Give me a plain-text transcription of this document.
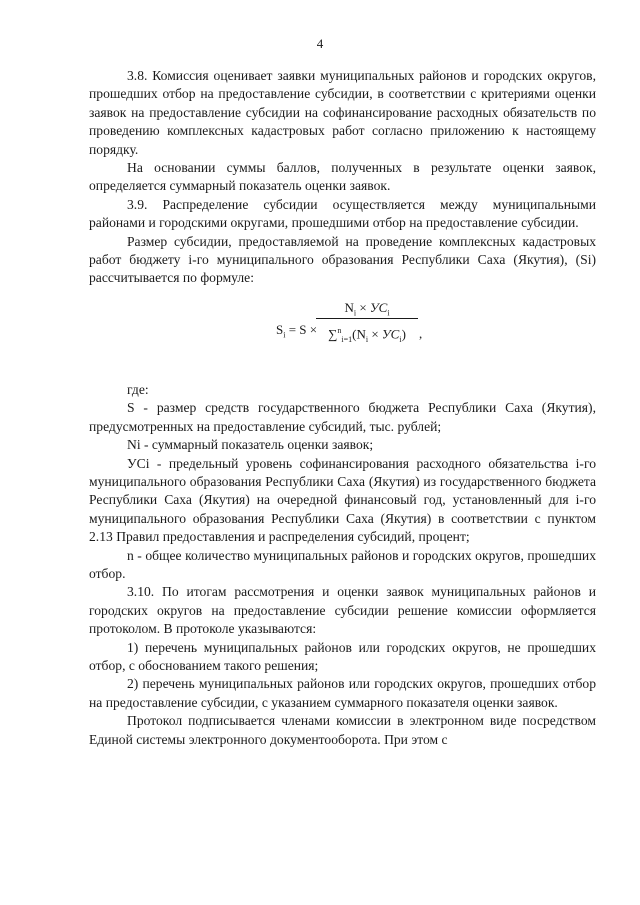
4

3.8. Комиссия оценивает заявки муниципальных районов и городских округов, прошедших отбор на предоставление субсидии, в соответствии с критериями оценки заявок на предоставление субсидии на софинансирование расходных обязательств по проведению комплексных кадастровых работ согласно приложению к настоящему порядку.

На основании суммы баллов, полученных в результате оценки заявок, определяется суммарный показатель оценки заявок.

3.9. Распределение субсидии осуществляется между муниципальными районами и городскими округами, прошедшими отбор на предоставление субсидии.

Размер субсидии, предоставляемой на проведение комплексных кадастровых работ бюджету i-го муниципального образования Республики Саха (Якутия), (Si) рассчитывается по формуле:

$S_i = S$ ×
$N_i \times УС_i$
$\sum^n_{i=1}(N_i \times УС_i)$	,

где:

S - размер средств государственного бюджета Республики Саха (Якутия), предусмотренных на предоставление субсидий, тыс. рублей;

Ni - суммарный показатель оценки заявок;

УСi - предельный уровень софинансирования расходного обязательства i-го муниципального образования Республики Саха (Якутия) из государственного бюджета Республики Саха (Якутия) на очередной финансовый год, установленный для i-го муниципального образования Республики Саха (Якутия) в соответствии с пунктом 2.13 Правил предоставления и распределения субсидий, процент;

n - общее количество муниципальных районов и городских округов, прошедших отбор.

3.10. По итогам рассмотрения и оценки заявок муниципальных районов и городских округов на предоставление субсидии решение комиссии оформляется протоколом. В протоколе указываются:

1) перечень муниципальных районов или городских округов, не прошедших отбор, с обоснованием такого решения;

2) перечень муниципальных районов или городских округов, прошедших отбор на предоставление субсидии, с указанием суммарного показателя оценки заявок.

Протокол подписывается членами комиссии в электронном виде посредством Единой системы электронного документооборота. При этом с
